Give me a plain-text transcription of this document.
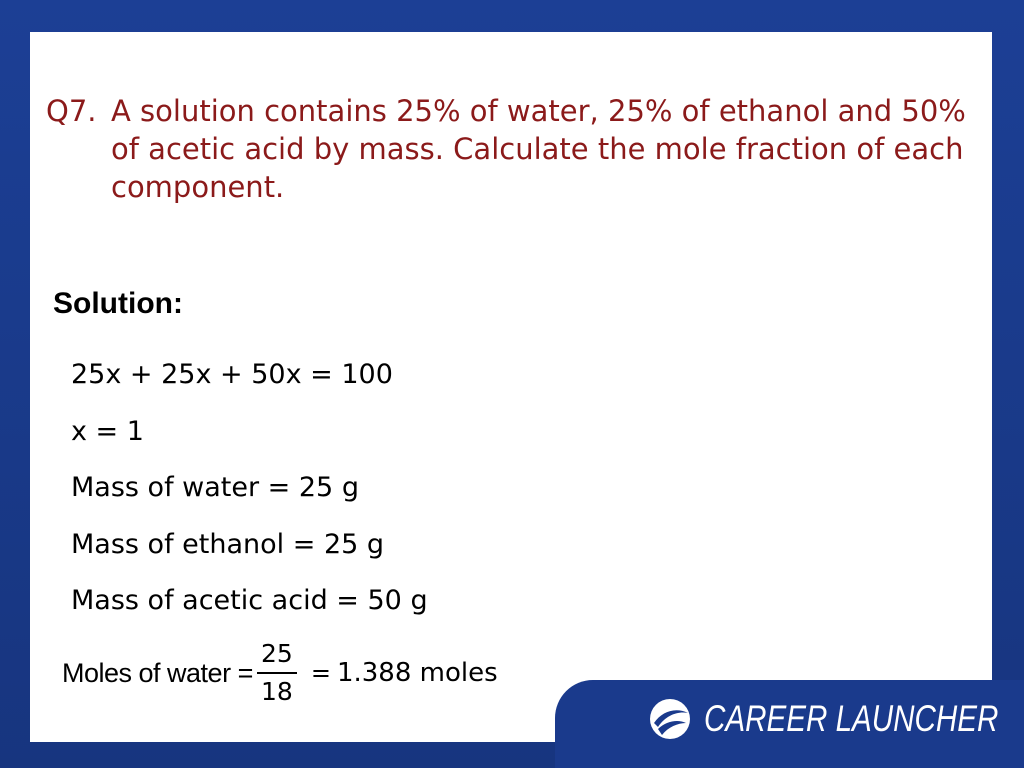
Q7. A solution contains 25% of water, 25% of ethanol and 50% of acetic acid by mass. Calculate the mole fraction of each component.
Solution:
25x + 25x + 50x = 100
x = 1
Mass of water = 25 g
Mass of ethanol = 25 g
Mass of acetic acid = 50 g
Moles of water = $\frac{25}{18} = 1.388$ moles
CAREER LAUNCHER
